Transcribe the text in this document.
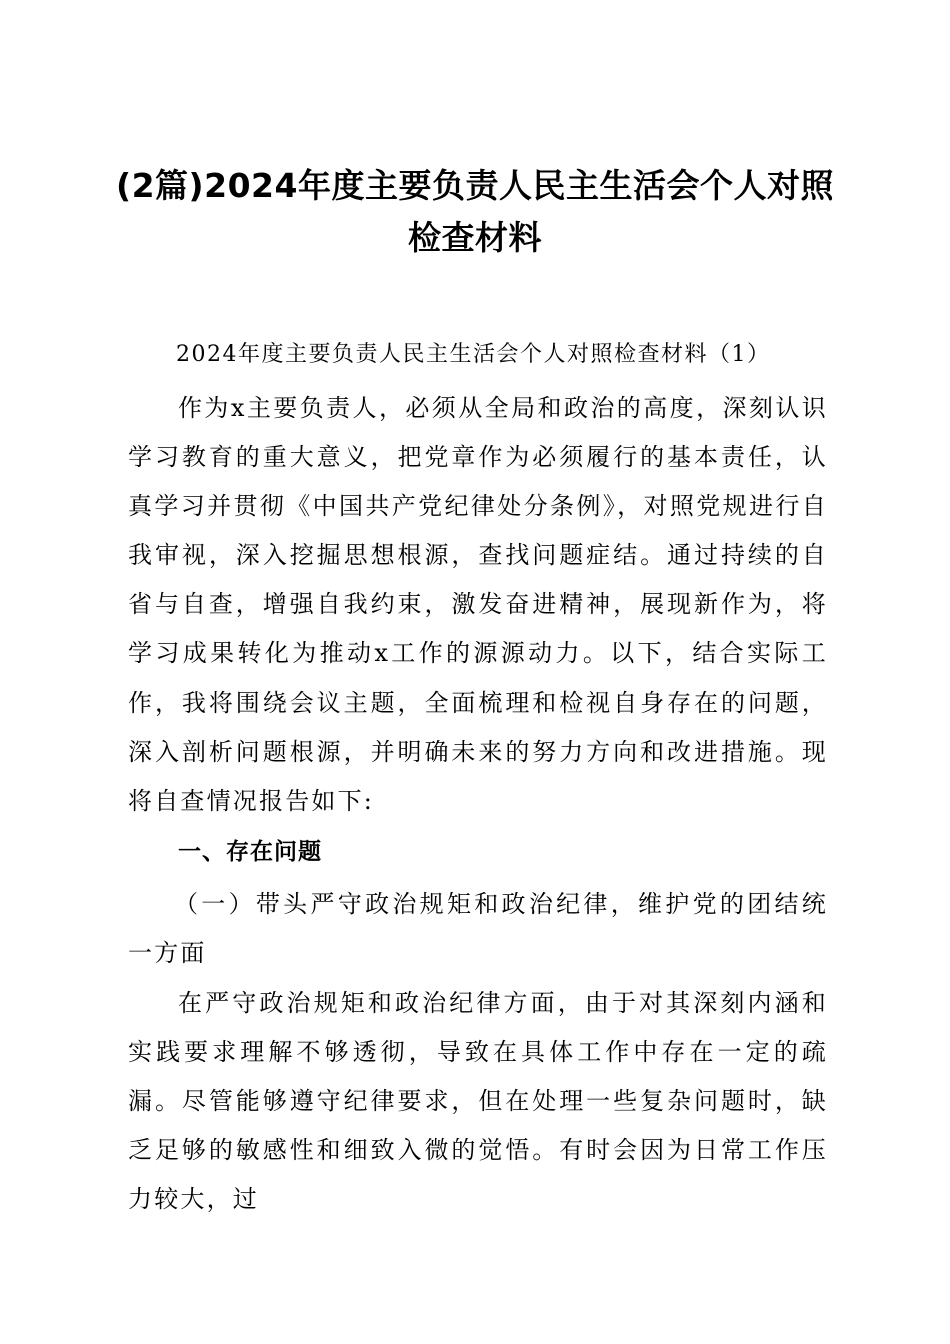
(2篇)2024年度主要负责人民主生活会个人对照检查材料
2024年度主要负责人民主生活会个人对照检查材料（1）

作为x主要负责人，必须从全局和政治的高度，深刻认识学习教育的重大意义，把党章作为必须履行的基本责任，认真学习并贯彻《中国共产党纪律处分条例》，对照党规进行自我审视，深入挖掘思想根源，查找问题症结。通过持续的自省与自查，增强自我约束，激发奋进精神，展现新作为，将学习成果转化为推动x工作的源源动力。以下，结合实际工作，我将围绕会议主题，全面梳理和检视自身存在的问题，深入剖析问题根源，并明确未来的努力方向和改进措施。现将自查情况报告如下:

一、存在问题

（一）带头严守政治规矩和政治纪律，维护党的团结统一方面

在严守政治规矩和政治纪律方面，由于对其深刻内涵和实践要求理解不够透彻，导致在具体工作中存在一定的疏漏。尽管能够遵守纪律要求，但在处理一些复杂问题时，缺乏足够的敏感性和细致入微的觉悟。有时会因为日常工作压力较大，过
